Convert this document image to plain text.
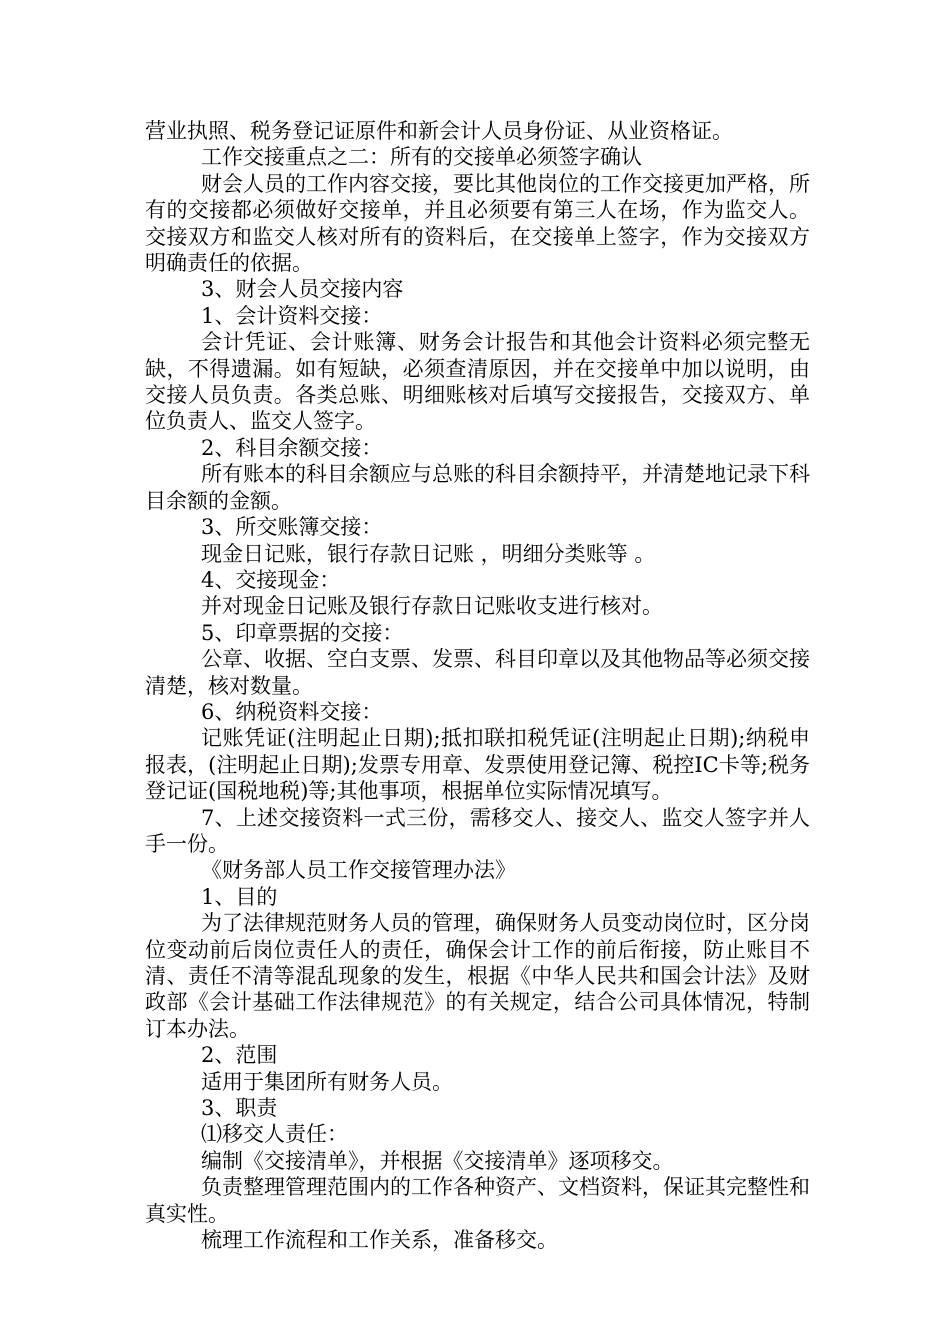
营业执照、税务登记证原件和新会计人员身份证、从业资格证。

工作交接重点之二：所有的交接单必须签字确认

财会人员的工作内容交接，要比其他岗位的工作交接更加严格，所有的交接都必须做好交接单，并且必须要有第三人在场，作为监交人。交接双方和监交人核对所有的资料后，在交接单上签字，作为交接双方明确责任的依据。

3、财会人员交接内容

1、会计资料交接：

会计凭证、会计账簿、财务会计报告和其他会计资料必须完整无缺，不得遗漏。如有短缺，必须查清原因，并在交接单中加以说明，由交接人员负责。各类总账、明细账核对后填写交接报告，交接双方、单位负责人、监交人签字。

2、科目余额交接：

所有账本的科目余额应与总账的科目余额持平，并清楚地记录下科目余额的金额。

3、所交账簿交接：

现金日记账，银行存款日记账 ，明细分类账等 。

4、交接现金：

并对现金日记账及银行存款日记账收支进行核对。

5、印章票据的交接：

公章、收据、空白支票、发票、科目印章以及其他物品等必须交接清楚，核对数量。

6、纳税资料交接：

记账凭证(注明起止日期);抵扣联扣税凭证(注明起止日期);纳税申报表，(注明起止日期);发票专用章、发票使用登记簿、税控IC卡等;税务登记证(国税地税)等;其他事项，根据单位实际情况填写。

7、上述交接资料一式三份，需移交人、接交人、监交人签字并人手一份。

《财务部人员工作交接管理办法》

1、目的

为了法律规范财务人员的管理，确保财务人员变动岗位时，区分岗位变动前后岗位责任人的责任，确保会计工作的前后衔接，防止账目不清、责任不清等混乱现象的发生，根据《中华人民共和国会计法》及财政部《会计基础工作法律规范》的有关规定，结合公司具体情况，特制订本办法。

2、范围

适用于集团所有财务人员。

3、职责

⑴移交人责任：

编制《交接清单》，并根据《交接清单》逐项移交。

负责整理管理范围内的工作各种资产、文档资料，保证其完整性和真实性。

梳理工作流程和工作关系，准备移交。
